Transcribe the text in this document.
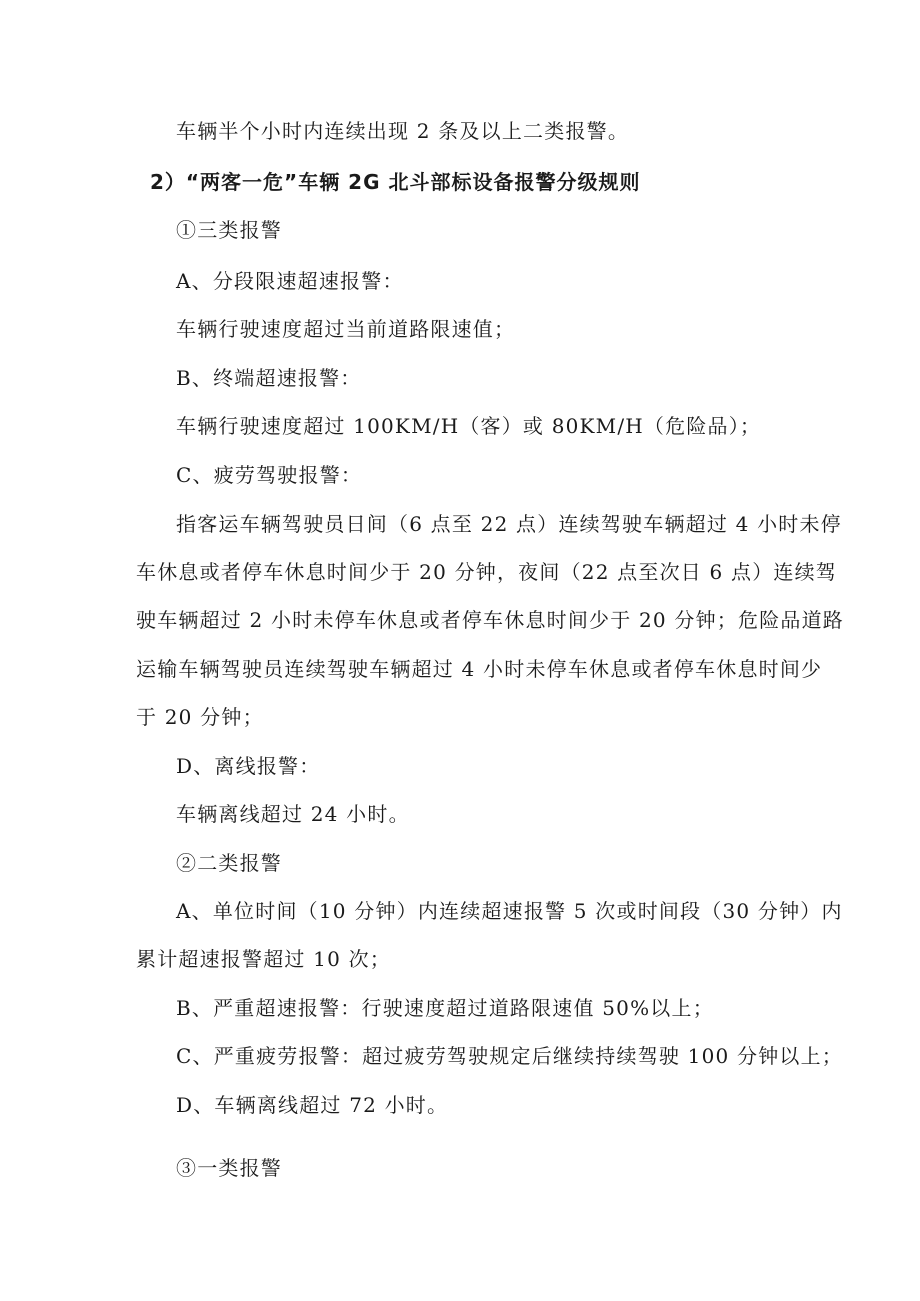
车辆半个小时内连续出现 2 条及以上二类报警。
2）“两客一危”车辆 2G 北斗部标设备报警分级规则
①三类报警
A、分段限速超速报警：
车辆行驶速度超过当前道路限速值；
B、终端超速报警：
车辆行驶速度超过 100KM/H（客）或 80KM/H（危险品）；
C、疲劳驾驶报警：
指客运车辆驾驶员日间（6 点至 22 点）连续驾驶车辆超过 4 小时未停
车休息或者停车休息时间少于 20 分钟，夜间（22 点至次日 6 点）连续驾
驶车辆超过 2 小时未停车休息或者停车休息时间少于 20 分钟；危险品道路
运输车辆驾驶员连续驾驶车辆超过 4 小时未停车休息或者停车休息时间少
于 20 分钟；
D、离线报警：
车辆离线超过 24 小时。
②二类报警
A、单位时间（10 分钟）内连续超速报警 5 次或时间段（30 分钟）内
累计超速报警超过 10 次；
B、严重超速报警：行驶速度超过道路限速值 50%以上；
C、严重疲劳报警：超过疲劳驾驶规定后继续持续驾驶 100 分钟以上；
D、车辆离线超过 72 小时。
③一类报警
